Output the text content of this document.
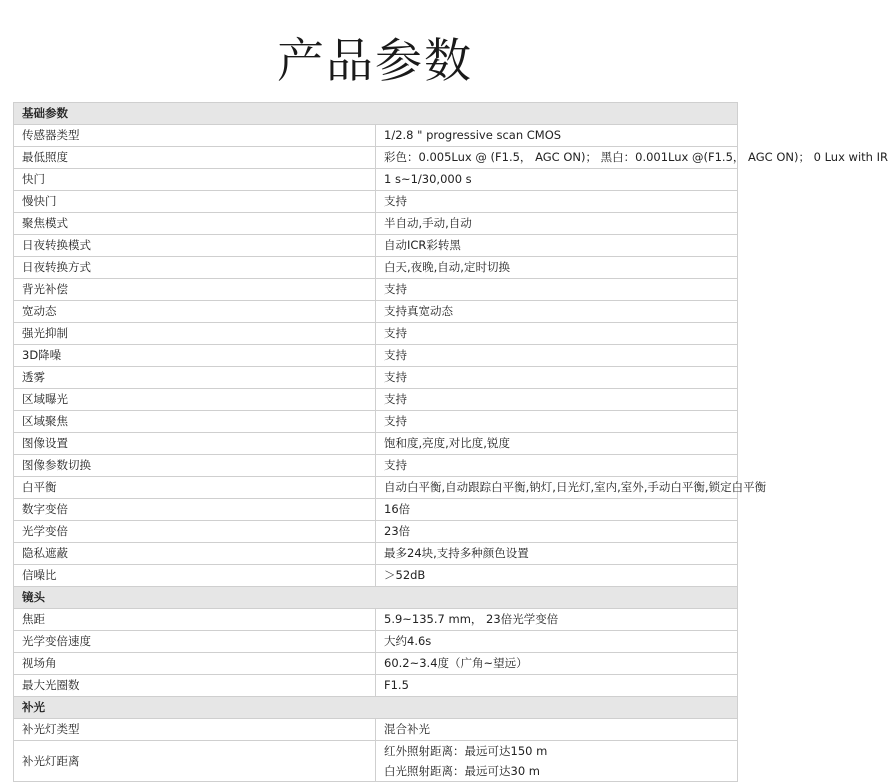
产品参数
基础参数	
传感器类型	1/2.8 " progressive scan CMOS
最低照度	彩色：0.005Lux @ (F1.5， AGC ON)； 黑白：0.001Lux @(F1.5， AGC ON)； 0 Lux with IR
快门	1 s~1/30,000 s
慢快门	支持
聚焦模式	半自动,手动,自动
日夜转换模式	自动ICR彩转黑
日夜转换方式	白天,夜晚,自动,定时切换
背光补偿	支持
宽动态	支持真宽动态
强光抑制	支持
3D降噪	支持
透雾	支持
区域曝光	支持
区域聚焦	支持
图像设置	饱和度,亮度,对比度,锐度
图像参数切换	支持
白平衡	自动白平衡,自动跟踪白平衡,钠灯,日光灯,室内,室外,手动白平衡,锁定白平衡
数字变倍	16倍
光学变倍	23倍
隐私遮蔽	最多24块,支持多种颜色设置
信噪比	＞52dB
镜头	
焦距	5.9~135.7 mm， 23倍光学变倍
光学变倍速度	大约4.6s
视场角	60.2~3.4度（广角~望远）
最大光圈数	F1.5
补光	
补光灯类型	混合补光
补光灯距离	红外照射距离：最远可达150 m
白光照射距离：最远可达30 m
